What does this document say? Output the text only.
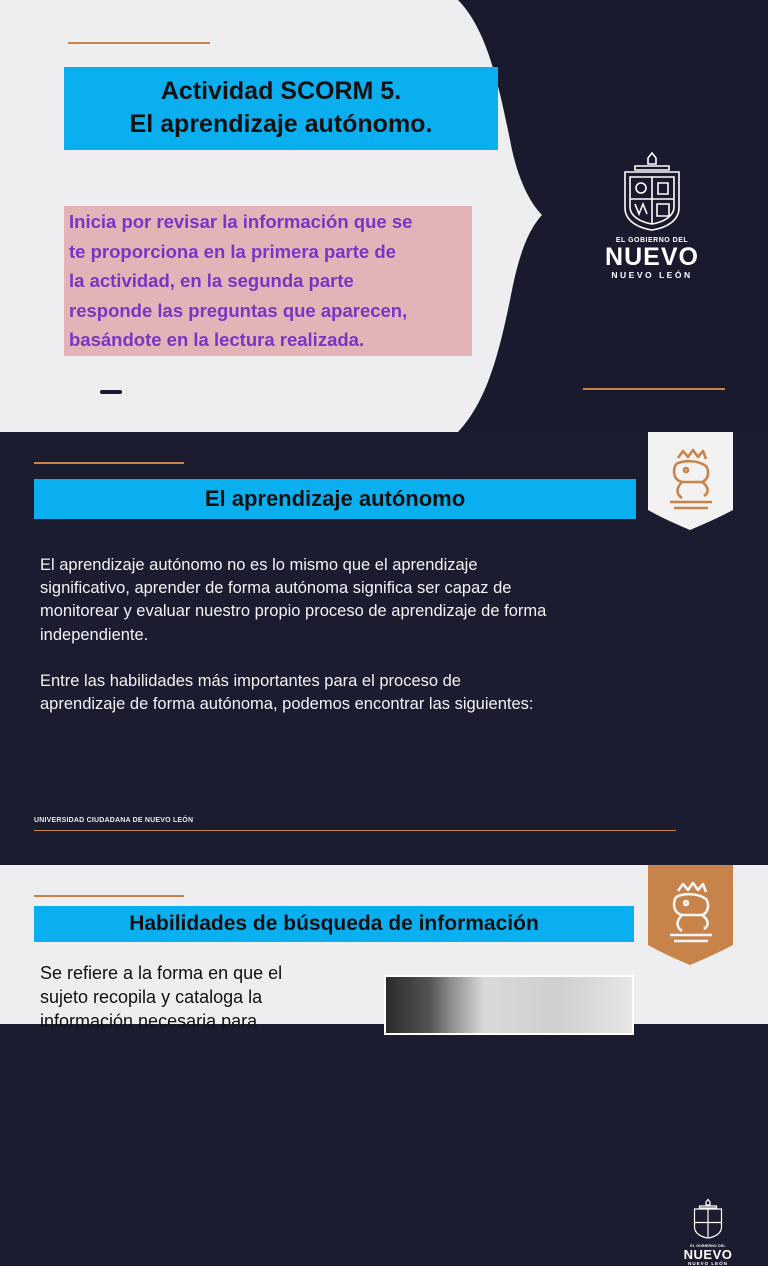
Actividad SCORM 5.
El aprendizaje autónomo.
Inicia por revisar la información que se
te proporciona en la primera parte de
la actividad, en la segunda parte
responde las preguntas que aparecen,
basándote en la lectura realizada.
EL GOBIERNO DEL
NUEVO
NUEVO LEÓN
El aprendizaje autónomo
El aprendizaje autónomo no es lo mismo que el aprendizaje
significativo, aprender de forma autónoma significa ser capaz de
monitorear y evaluar nuestro propio proceso de aprendizaje de forma
independiente.

Entre las habilidades más importantes para el proceso de
aprendizaje de forma autónoma, podemos encontrar las siguientes:
EL GOBIERNO DEL
NUEVO
NUEVO LEÓN
UNIVERSIDAD CIUDADANA DE NUEVO LEÓN
Habilidades de búsqueda de información
Se refiere a la forma en que el
sujeto recopila y cataloga la
información necesaria para
